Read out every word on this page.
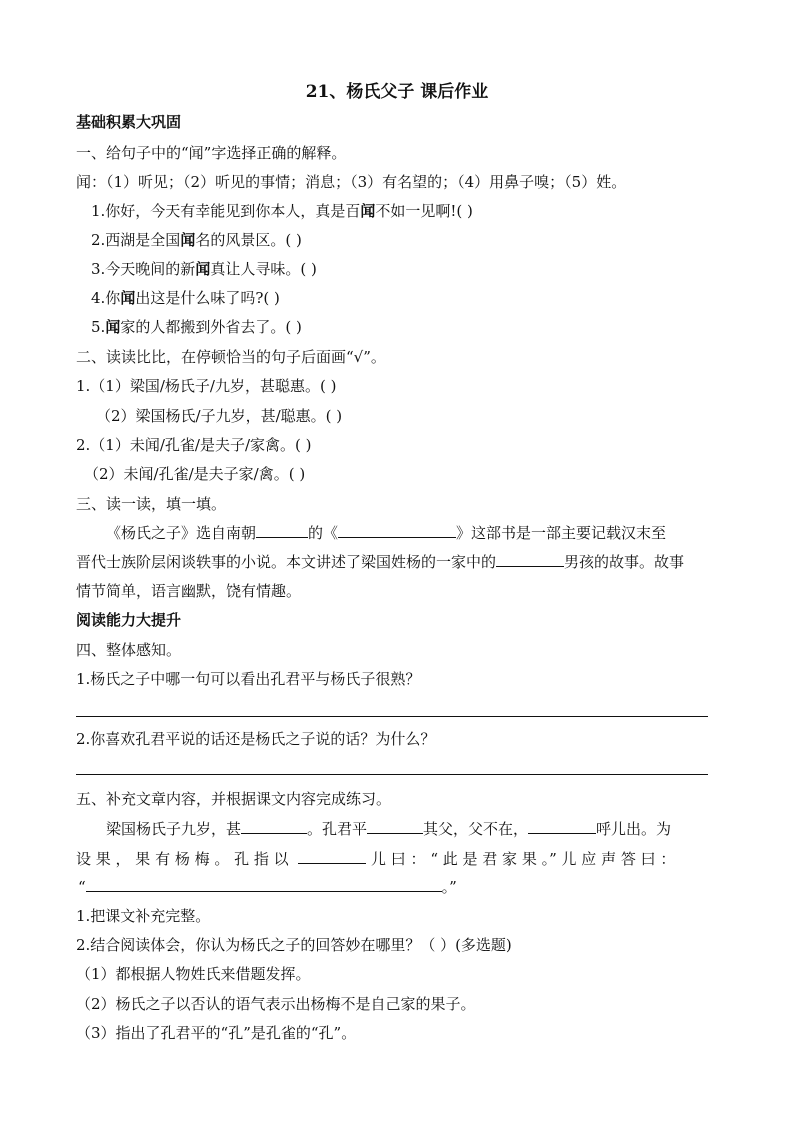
21、杨氏父子 课后作业
基础积累大巩固
一、给句子中的“闻”字选择正确的解释。
闻：（1）听见；（2）听见的事情；消息；（3）有名望的；（4）用鼻子嗅；（5）姓。
1.你好，今天有幸能见到你本人，真是百闻不如一见啊!( )
2.西湖是全国闻名的风景区。( )
3.今天晚间的新闻真让人寻味。( )
4.你闻出这是什么味了吗?( )
5.闻家的人都搬到外省去了。( )
二、读读比比，在停顿恰当的句子后面画“√”。
1.（1）梁国/杨氏子/九岁，甚聪惠。( )
（2）梁国杨氏/子九岁，甚/聪惠。( )
2.（1）未闻/孔雀/是夫子/家禽。( )
（2）未闻/孔雀/是夫子家/禽。( )
三、读一读，填一填。
《杨氏之子》选自南朝	的《	》这部书是一部主要记载汉末至
晋代士族阶层闲谈轶事的小说。本文讲述了梁国姓杨的一家中的	男孩的故事。故事
情节简单，语言幽默，饶有情趣。
阅读能力大提升
四、整体感知。
1.杨氏之子中哪一句可以看出孔君平与杨氏子很熟？
2.你喜欢孔君平说的话还是杨氏之子说的话？为什么？
五、补充文章内容，并根据课文内容完成练习。
梁国杨氏子九岁，甚	。孔君平	其父，父不在，	呼儿出。为
设 果 ， 果 有 杨 梅 。 孔 指 以	儿 曰 ： “ 此 是 君 家 果 。” 儿 应 声 答 曰 ：
“	。”
1.把课文补充完整。
2.结合阅读体会，你认为杨氏之子的回答妙在哪里？（ ）(多选题)
（1）都根据人物姓氏来借题发挥。
（2）杨氏之子以否认的语气表示出杨梅不是自己家的果子。
（3）指出了孔君平的“孔”是孔雀的“孔”。
